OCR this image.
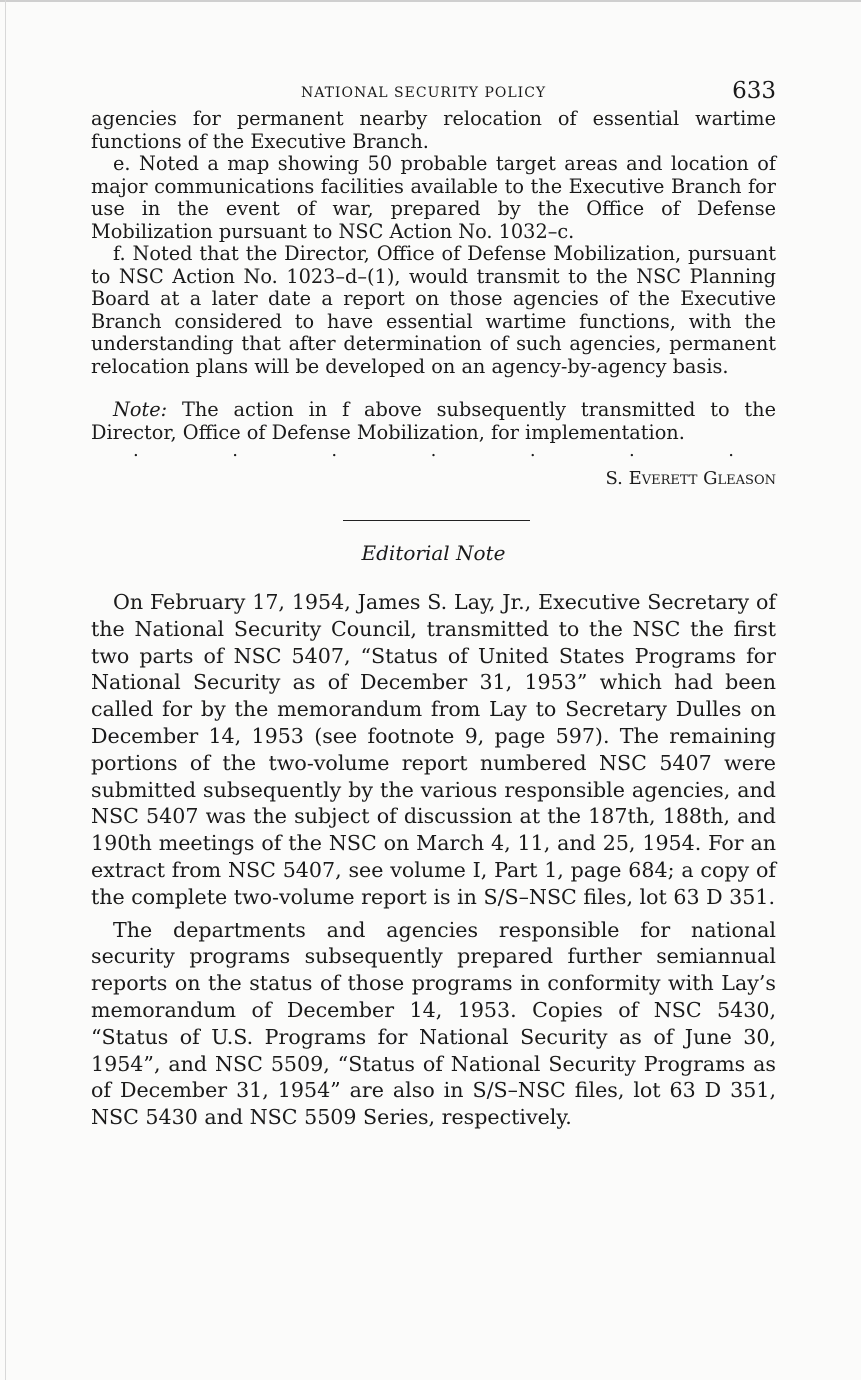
NATIONAL SECURITY POLICY	633

agencies for permanent nearby relocation of essential wartime functions of the Executive Branch.

e. Noted a map showing 50 probable target areas and location of major communications facilities available to the Executive Branch for use in the event of war, prepared by the Office of Defense Mobilization pursuant to NSC Action No. 1032–c.

f. Noted that the Director, Office of Defense Mobilization, pursuant to NSC Action No. 1023–d–(1), would transmit to the NSC Planning Board at a later date a report on those agencies of the Executive Branch considered to have essential wartime functions, with the understanding that after determination of such agencies, permanent relocation plans will be developed on an agency-by-agency basis.

Note: The action in f above subsequently transmitted to the Director, Office of Defense Mobilization, for implementation.

.	.	.	.	.	.	.
S. Everett Gleason
Editorial Note

On February 17, 1954, James S. Lay, Jr., Executive Secretary of the National Security Council, transmitted to the NSC the first two parts of NSC 5407, “Status of United States Programs for National Security as of December 31, 1953” which had been called for by the memorandum from Lay to Secretary Dulles on December 14, 1953 (see footnote 9, page 597). The remaining portions of the two-volume report numbered NSC 5407 were submitted subsequently by the various responsible agencies, and NSC 5407 was the subject of discussion at the 187th, 188th, and 190th meetings of the NSC on March 4, 11, and 25, 1954. For an extract from NSC 5407, see volume I, Part 1, page 684; a copy of the complete two-volume report is in S/S–NSC files, lot 63 D 351.

The departments and agencies responsible for national security programs subsequently prepared further semiannual reports on the status of those programs in conformity with Lay’s memorandum of December 14, 1953. Copies of NSC 5430, “Status of U.S. Programs for National Security as of June 30, 1954”, and NSC 5509, “Status of National Security Programs as of December 31, 1954” are also in S/S–NSC files, lot 63 D 351, NSC 5430 and NSC 5509 Series, respectively.
